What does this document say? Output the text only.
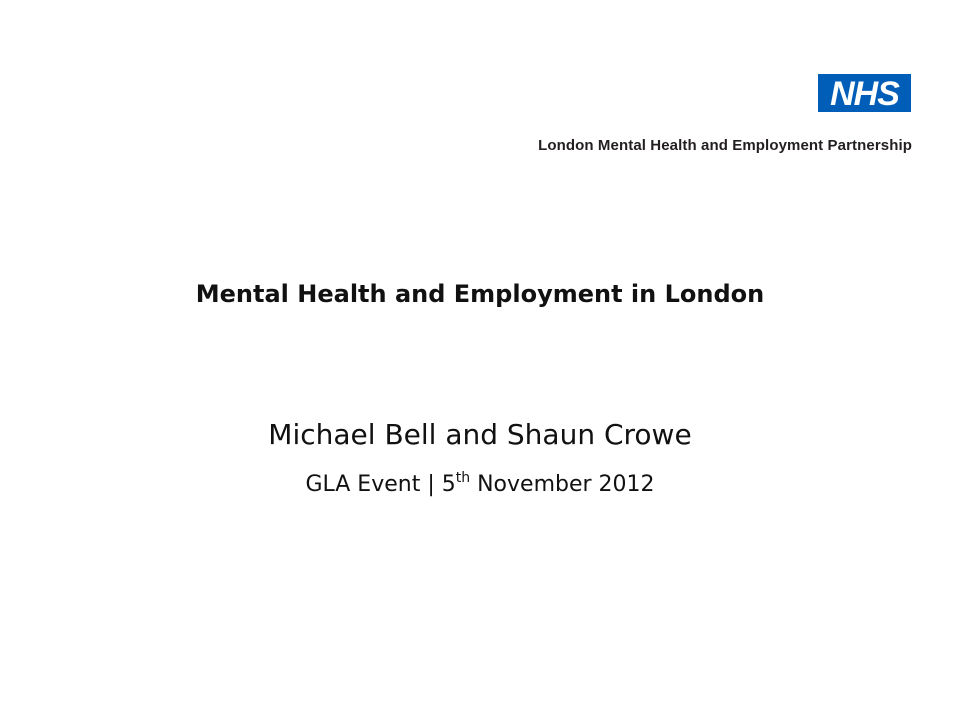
NHS
London Mental Health and Employment Partnership
Mental Health and Employment in London
Michael Bell and Shaun Crowe
GLA Event | 5th November 2012
